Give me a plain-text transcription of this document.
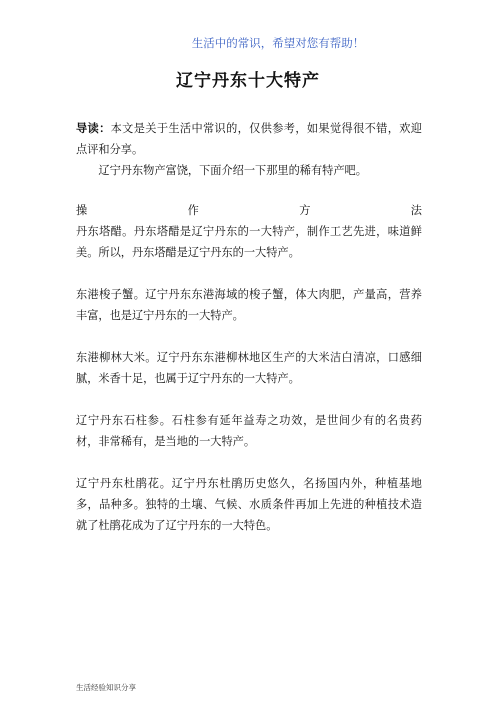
生活中的常识，希望对您有帮助！
辽宁丹东十大特产

导读：本文是关于生活中常识的，仅供参考，如果觉得很不错，欢迎点评和分享。

辽宁丹东物产富饶，下面介绍一下那里的稀有特产吧。

操	作	方	法

丹东塔醋。丹东塔醋是辽宁丹东的一大特产，制作工艺先进，味道鲜美。所以，丹东塔醋是辽宁丹东的一大特产。

东港梭子蟹。辽宁丹东东港海域的梭子蟹，体大肉肥，产量高，营养丰富，也是辽宁丹东的一大特产。

东港柳林大米。辽宁丹东东港柳林地区生产的大米洁白清凉，口感细腻，米香十足，也属于辽宁丹东的一大特产。

辽宁丹东石柱参。石柱参有延年益寿之功效，是世间少有的名贵药材，非常稀有，是当地的一大特产。

辽宁丹东杜鹃花。辽宁丹东杜鹃历史悠久，名扬国内外，种植基地多，品种多。独特的土壤、气候、水质条件再加上先进的种植技术造就了杜鹃花成为了辽宁丹东的一大特色。

生活经验知识分享
